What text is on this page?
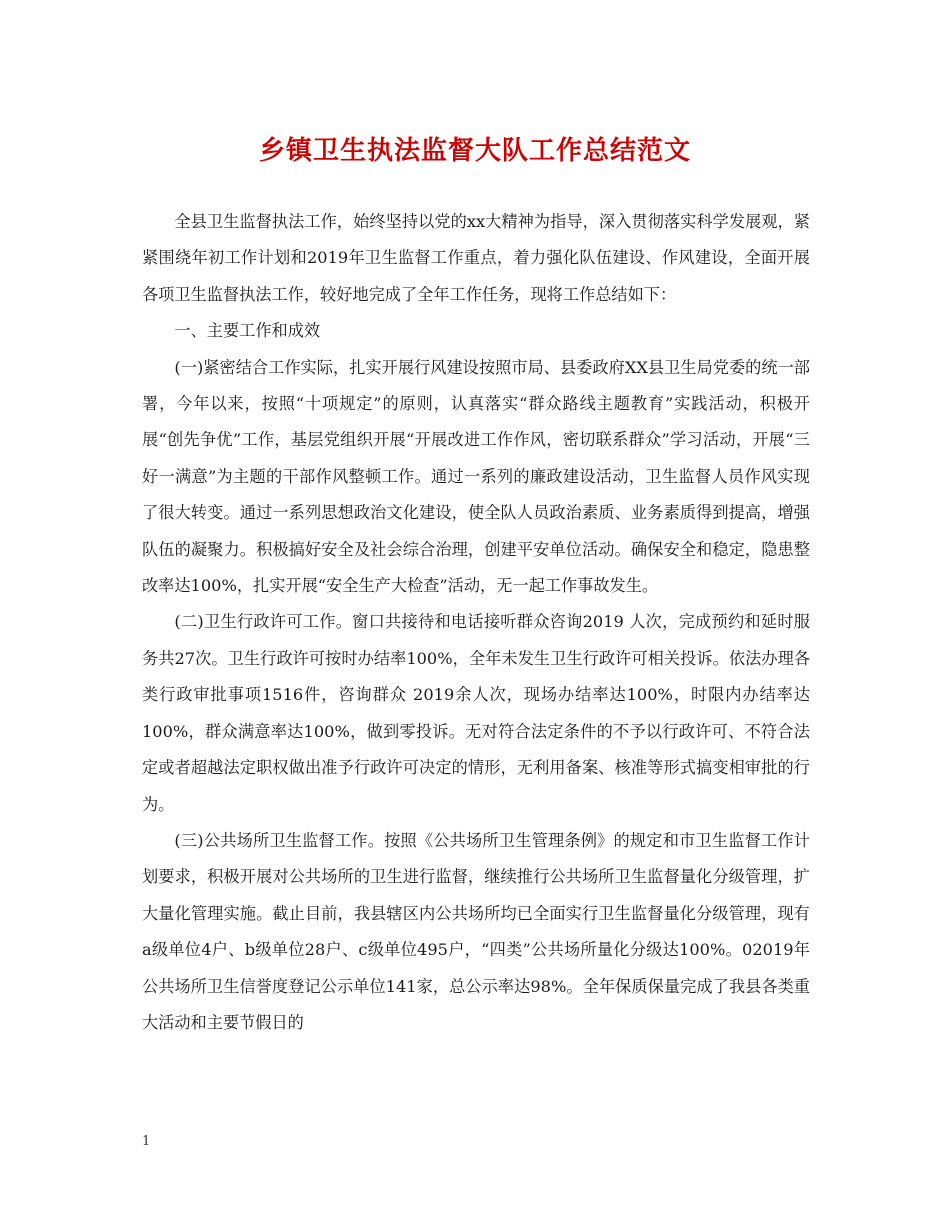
乡镇卫生执法监督大队工作总结范文

全县卫生监督执法工作，始终坚持以党的xx大精神为指导，深入贯彻落实科学发展观，紧紧围绕年初工作计划和2019年卫生监督工作重点，着力强化队伍建设、作风建设，全面开展各项卫生监督执法工作，较好地完成了全年工作任务，现将工作总结如下：

一、主要工作和成效

(一)紧密结合工作实际，扎实开展行风建设按照市局、县委政府XX县卫生局党委的统一部署，今年以来，按照“十项规定”的原则，认真落实“群众路线主题教育”实践活动，积极开展“创先争优”工作，基层党组织开展“开展改进工作作风，密切联系群众”学习活动，开展“三好一满意”为主题的干部作风整顿工作。通过一系列的廉政建设活动，卫生监督人员作风实现了很大转变。通过一系列思想政治文化建设，使全队人员政治素质、业务素质得到提高，增强队伍的凝聚力。积极搞好安全及社会综合治理，创建平安单位活动。确保安全和稳定，隐患整改率达100%，扎实开展“安全生产大检查”活动，无一起工作事故发生。

(二)卫生行政许可工作。窗口共接待和电话接听群众咨询2019 人次，完成预约和延时服务共27次。卫生行政许可按时办结率100%，全年未发生卫生行政许可相关投诉。依法办理各类行政审批事项1516件，咨询群众 2019余人次，现场办结率达100%，时限内办结率达100%，群众满意率达100%，做到零投诉。无对符合法定条件的不予以行政许可、不符合法定或者超越法定职权做出准予行政许可决定的情形，无利用备案、核准等形式搞变相审批的行为。

(三)公共场所卫生监督工作。按照《公共场所卫生管理条例》的规定和市卫生监督工作计划要求，积极开展对公共场所的卫生进行监督，继续推行公共场所卫生监督量化分级管理，扩大量化管理实施。截止目前，我县辖区内公共场所均已全面实行卫生监督量化分级管理，现有a级单位4户、b级单位28户、c级单位495户，“四类”公共场所量化分级达100%。02019年公共场所卫生信誉度登记公示单位141家，总公示率达98%。全年保质保量完成了我县各类重大活动和主要节假日的

1
